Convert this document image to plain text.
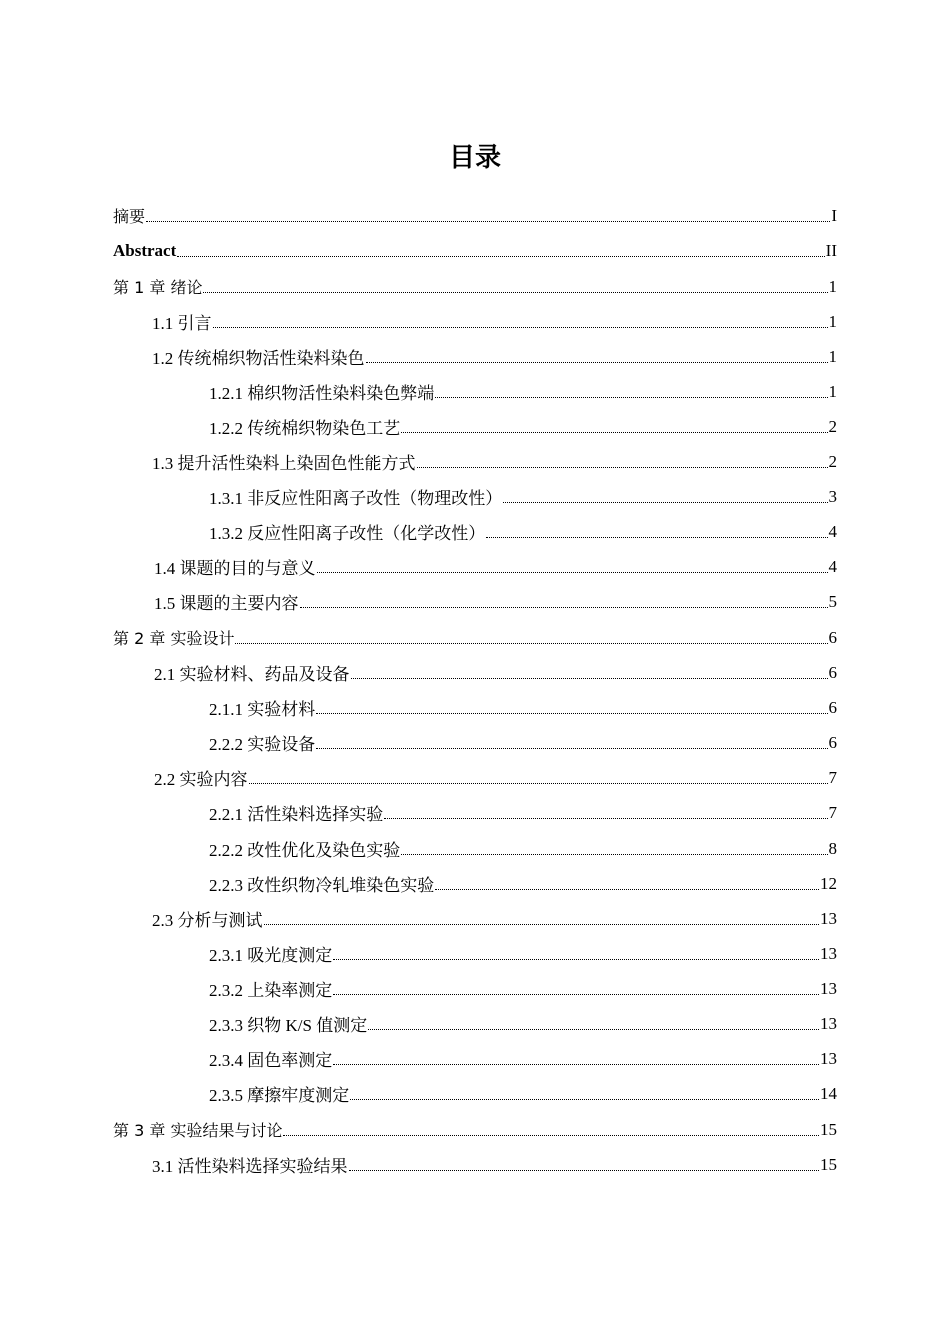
目录
摘要	I
Abstract	II
第 1 章 绪论	1
1.1 引言	1
1.2 传统棉织物活性染料染色	1
1.2.1 棉织物活性染料染色弊端	1
1.2.2 传统棉织物染色工艺	2
1.3 提升活性染料上染固色性能方式	2
1.3.1 非反应性阳离子改性（物理改性）	3
1.3.2 反应性阳离子改性（化学改性）	4
1.4 课题的目的与意义	4
1.5 课题的主要内容	5
第 2 章 实验设计	6
2.1 实验材料、药品及设备	6
2.1.1 实验材料	6
2.2.2 实验设备	6
2.2 实验内容	7
2.2.1 活性染料选择实验	7
2.2.2 改性优化及染色实验	8
2.2.3 改性织物冷轧堆染色实验	12
2.3 分析与测试	13
2.3.1 吸光度测定	13
2.3.2 上染率测定	13
2.3.3 织物 K/S 值测定	13
2.3.4 固色率测定	13
2.3.5 摩擦牢度测定	14
第 3 章 实验结果与讨论	15
3.1 活性染料选择实验结果	15
